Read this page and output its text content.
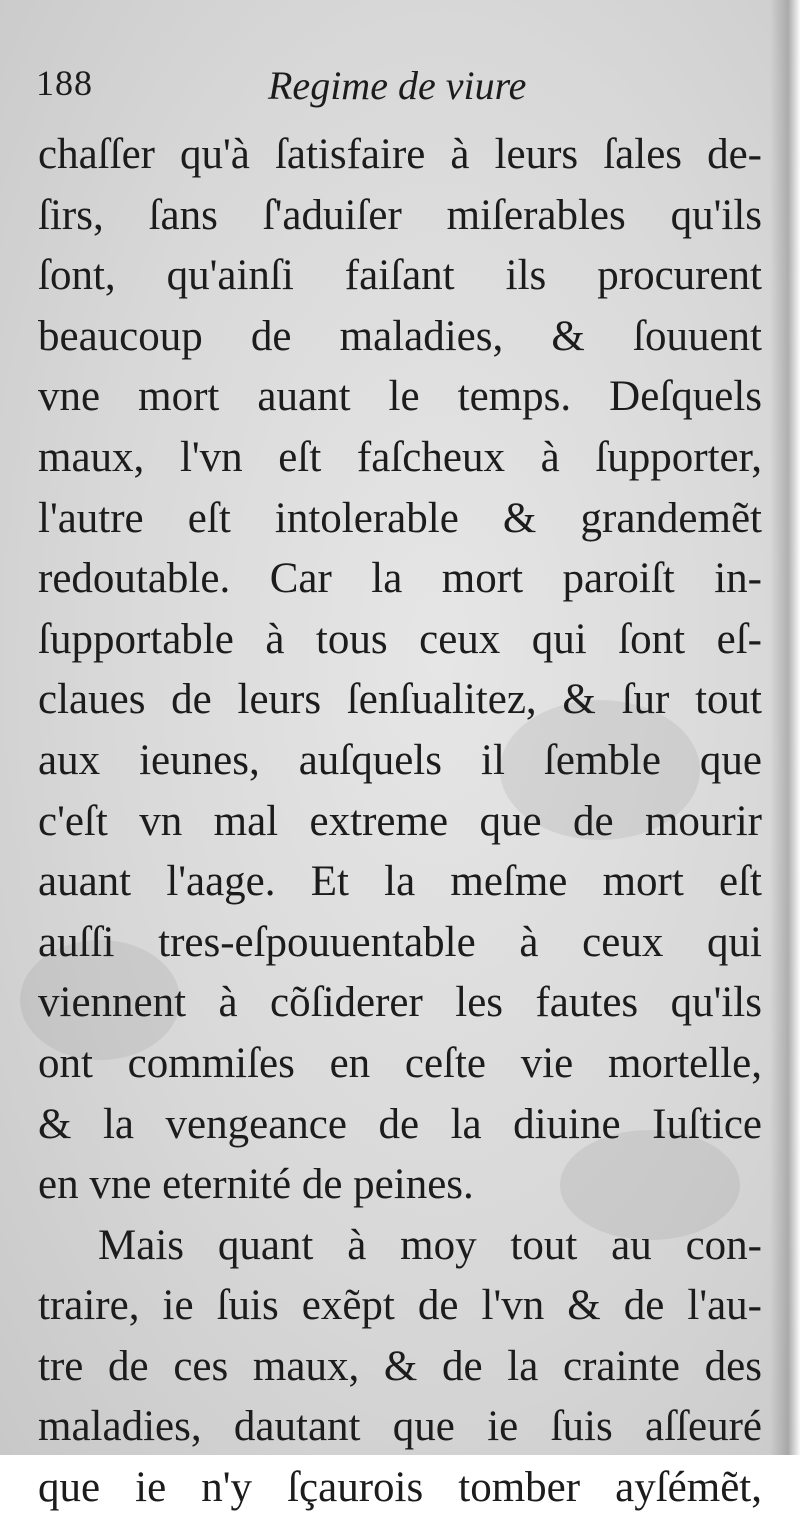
188	Regime de viure
chaſſer qu'à ſatisfaire à leurs ſales de-
ſirs, ſans ſ'aduiſer miſerables qu'ils
ſont, qu'ainſi faiſant ils procurent
beaucoup de maladies, & ſouuent
vne mort auant le temps. Deſquels
maux, l'vn eſt faſcheux à ſupporter,
l'autre eſt intolerable & grandemẽt
redoutable. Car la mort paroiſt in-
ſupportable à tous ceux qui ſont eſ-
claues de leurs ſenſualitez, & ſur tout
aux ieunes, auſquels il ſemble que
c'eſt vn mal extreme que de mourir
auant l'aage. Et la meſme mort eſt
auſſi tres-eſpouuentable à ceux qui
viennent à cõſiderer les fautes qu'ils
ont commiſes en ceſte vie mortelle,
& la vengeance de la diuine Iuſtice
en vne eternité de peines.
Mais quant à moy tout au con-
traire, ie ſuis exẽpt de l'vn & de l'au-
tre de ces maux, & de la crainte des
maladies, dautant que ie ſuis aſſeuré
que ie n'y ſçaurois tomber ayſémẽt,
